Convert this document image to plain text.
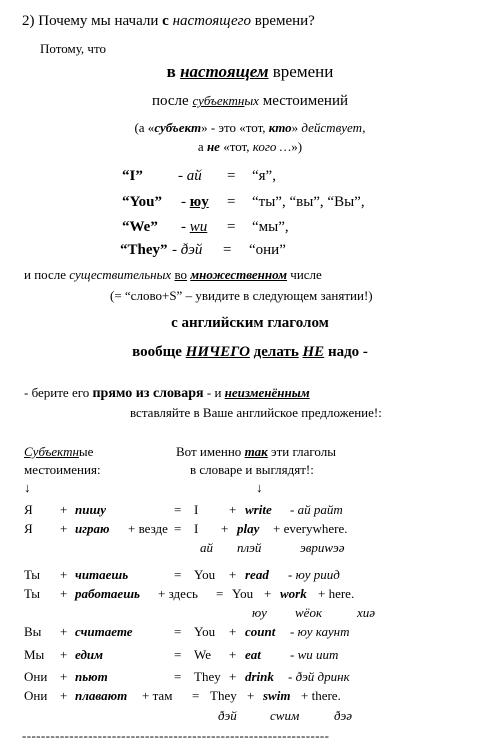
2) Почему мы начали с настоящего времени?
Потому, что
в настоящем времени
после субъектных местоимений
(а «субъект» - это «тот, кто» действует,
а не «тот, кого …»)
“I” - ай = “я”,
“You” - юу = “ты”, “вы”, “Вы”,
“We” - wи = “мы”,
“They” - ðэй = “они”
и после существительных во множественном числе
(= “слово+S” – увидите в следующем занятии!)
с английским глаголом
вообще НИЧЕГО делать НЕ надо -
- берите его прямо из словаря - и неизменённым
вставляйте в Ваше английское предложение!:
Субъектные
местоимения:
Вот именно так эти глаголы
в словаре и выглядят!:
↓	↓
Я + пишу	= I + write - ай райт
Я + играю + везде = I + play + everywhere.
ай плэй	эвриwэə
Ты + читаешь	= You + read - юу риид
Ты + работаешь + здесь = You + work + here.
юу wёок	хиə
Вы + считаете	= You + count - юу каунт
Мы + едим	= We + eat - wи иит
Они + пьют	= They + drink - ðэй дринк
Они + плавают + там = They + swim + there.
ðэй	сwим	ðэə
-----------------------------------------------------------------
